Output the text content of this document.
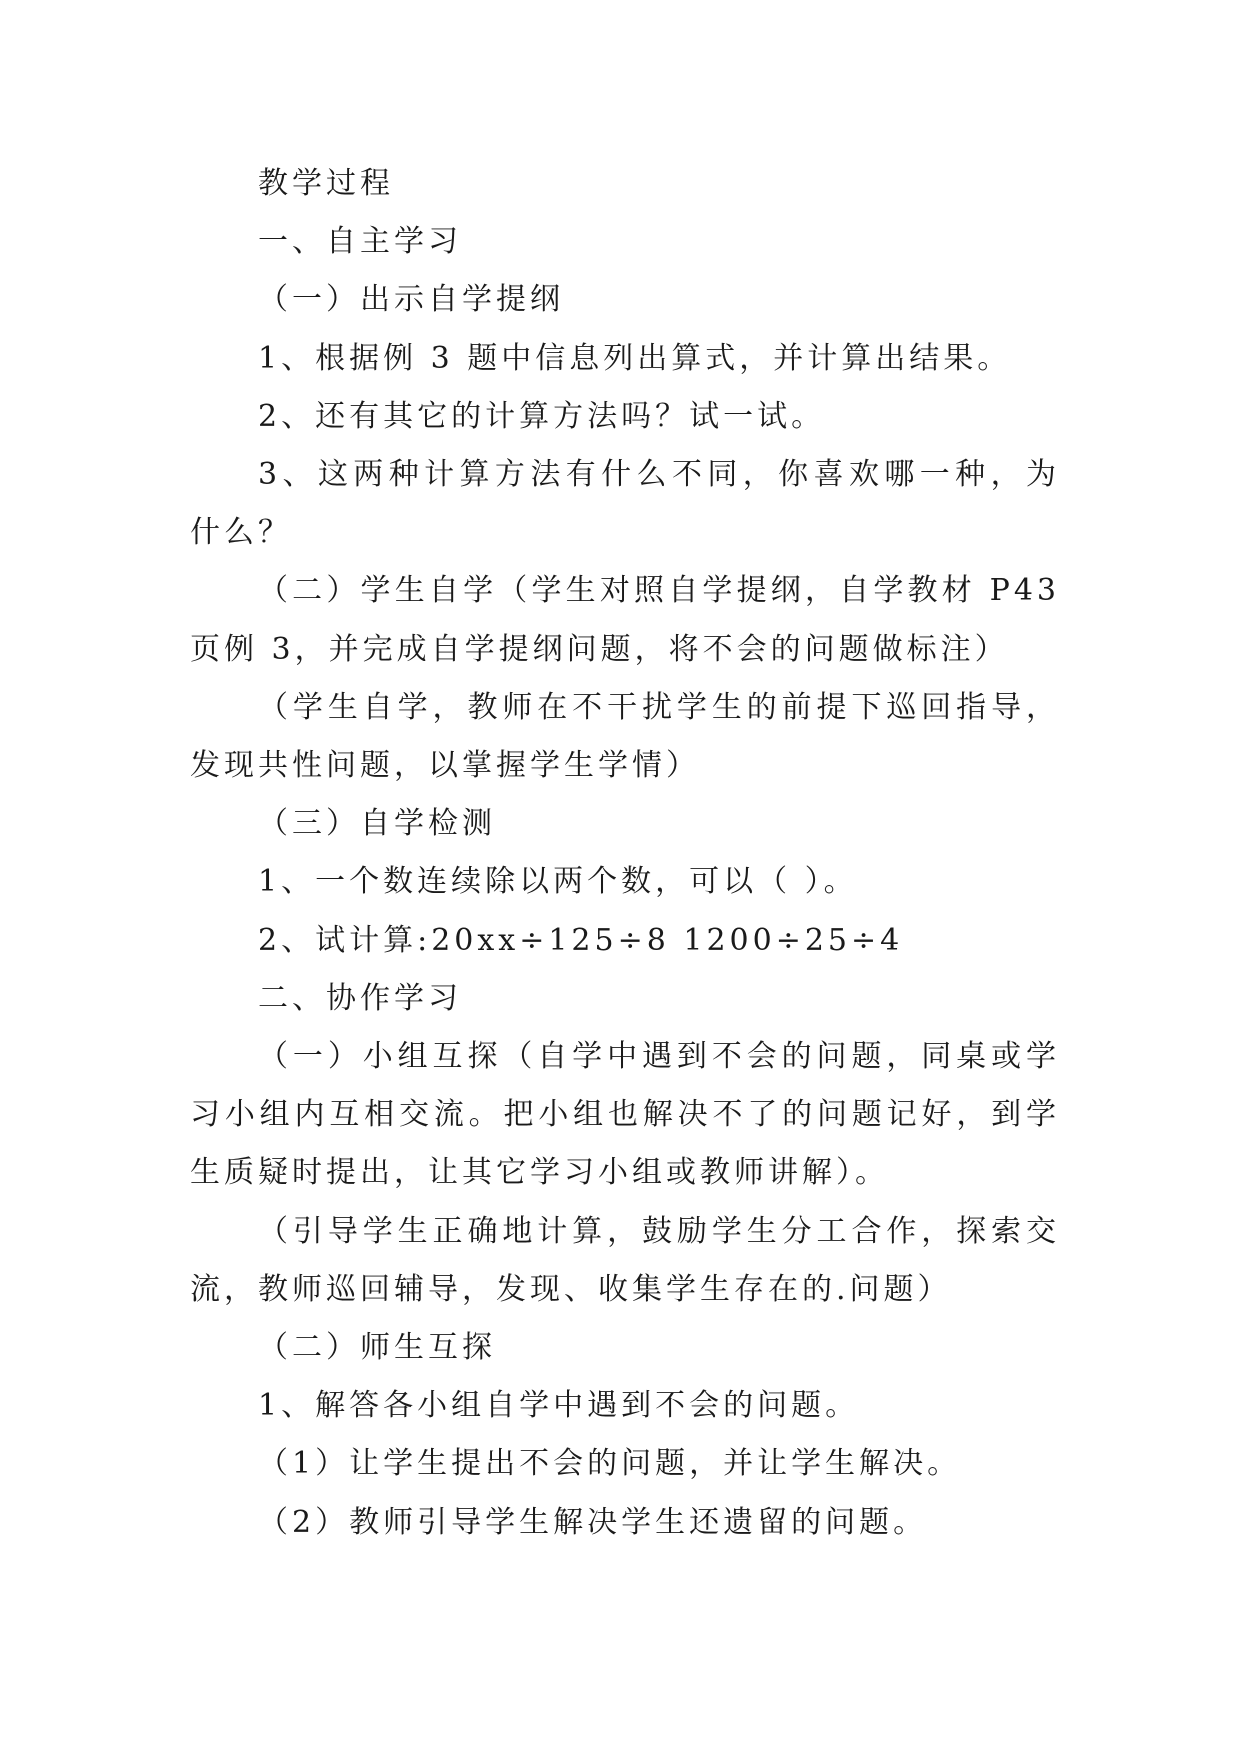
教学过程

一、自主学习

（一）出示自学提纲

1、根据例 3 题中信息列出算式，并计算出结果。

2、还有其它的计算方法吗？试一试。

3、这两种计算方法有什么不同，你喜欢哪一种，为什么？

（二）学生自学（学生对照自学提纲，自学教材 P43 页例 3，并完成自学提纲问题，将不会的问题做标注）

（学生自学，教师在不干扰学生的前提下巡回指导，发现共性问题，以掌握学生学情）

（三）自学检测

1、一个数连续除以两个数，可以（ ）。

2、试计算:20xx÷125÷8 1200÷25÷4

二、协作学习

（一）小组互探（自学中遇到不会的问题，同桌或学习小组内互相交流。把小组也解决不了的问题记好，到学生质疑时提出，让其它学习小组或教师讲解）。

（引导学生正确地计算，鼓励学生分工合作，探索交流，教师巡回辅导，发现、收集学生存在的.问题）

（二）师生互探

1、解答各小组自学中遇到不会的问题。

（1）让学生提出不会的问题，并让学生解决。

（2）教师引导学生解决学生还遗留的问题。
